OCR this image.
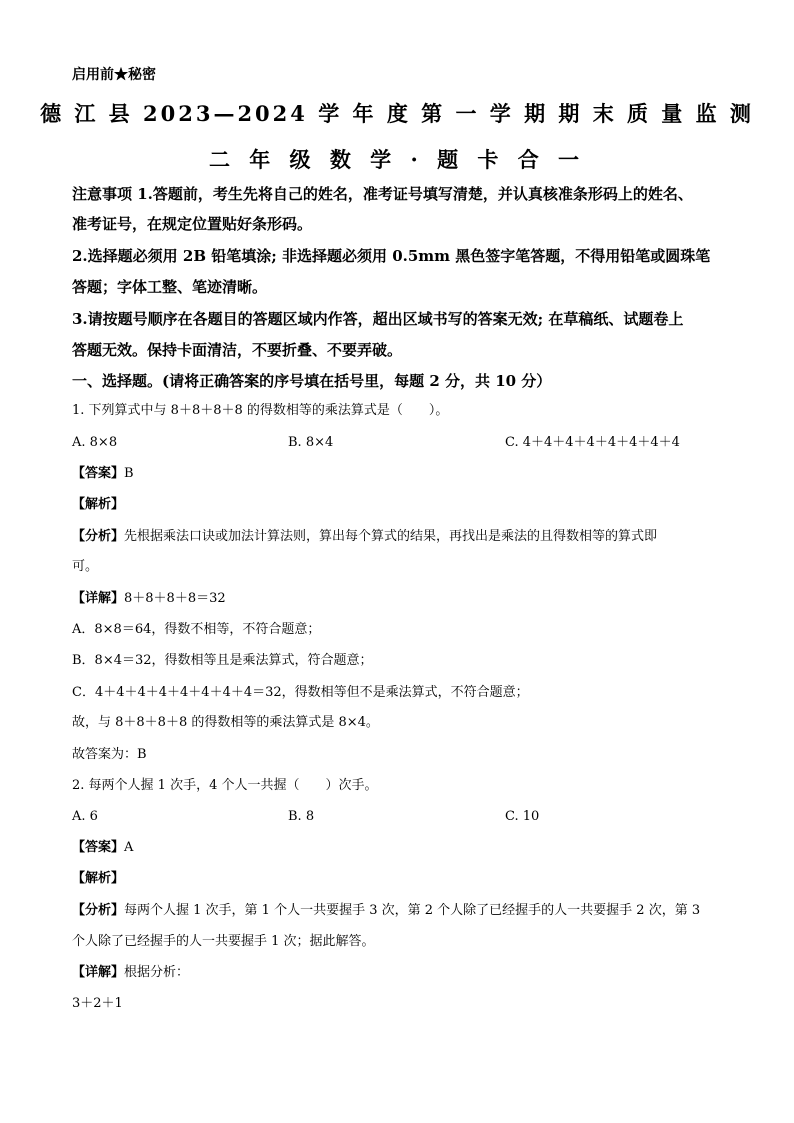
启用前★秘密
德 江 县 2023—2024 学 年 度 第 一 学 期 期 末 质 量 监 测
二 年 级 数 学 · 题 卡 合 一
注意事项 1.答题前，考生先将自己的姓名，准考证号填写清楚，并认真核准条形码上的姓名、
准考证号，在规定位置贴好条形码。
2.选择题必须用 2B 铅笔填涂; 非选择题必须用 0.5mm 黑色签字笔答题，不得用铅笔或圆珠笔
答题；字体工整、笔迹清晰。
3.请按题号顺序在各题目的答题区域内作答，超出区域书写的答案无效; 在草稿纸、试题卷上
答题无效。保持卡面清洁，不要折叠、不要弄破。
一、选择题。(请将正确答案的序号填在括号里，每题 2 分，共 10 分）
1. 下列算式中与 8＋8＋8＋8 的得数相等的乘法算式是（　　）。
A. 8×8	B. 8×4	C. 4＋4＋4＋4＋4＋4＋4＋4
【答案】B
【解析】
【分析】先根据乘法口诀或加法计算法则，算出每个算式的结果，再找出是乘法的且得数相等的算式即
可。
【详解】8＋8＋8＋8＝32
A．8×8＝64，得数不相等，不符合题意；
B．8×4＝32，得数相等且是乘法算式，符合题意；
C．4＋4＋4＋4＋4＋4＋4＋4＝32，得数相等但不是乘法算式，不符合题意；
故，与 8＋8＋8＋8 的得数相等的乘法算式是 8×4。
故答案为：B
2. 每两个人握 1 次手，4 个人一共握（　　）次手。
A. 6	B. 8	C. 10
【答案】A
【解析】
【分析】每两个人握 1 次手，第 1 个人一共要握手 3 次，第 2 个人除了已经握手的人一共要握手 2 次，第 3
个人除了已经握手的人一共要握手 1 次；据此解答。
【详解】根据分析：
3＋2＋1
